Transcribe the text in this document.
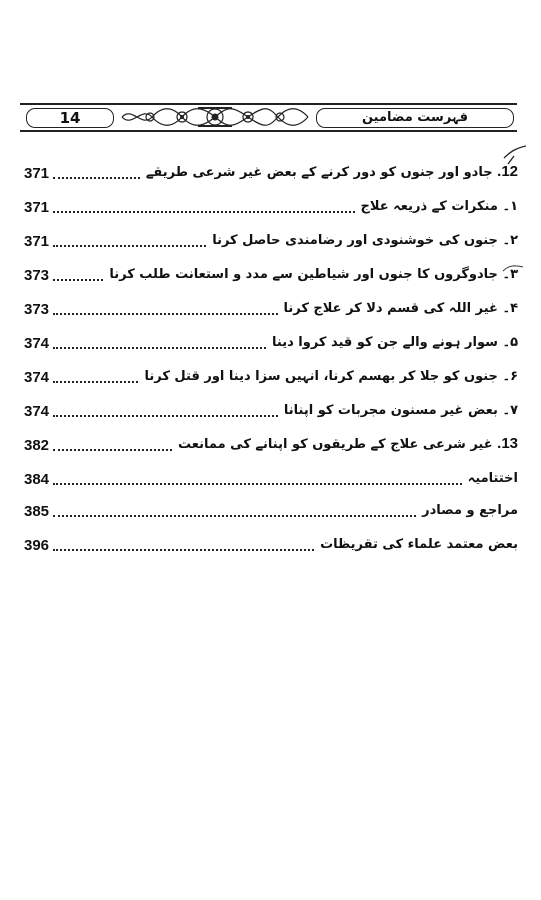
14	فہرست مضامین
371	12. جادو اور جنوں کو دور کرنے کے بعض غیر شرعی طریقے
371	۱۔ منکرات کے ذریعہ علاج
371	۲۔ جنوں کی خوشنودی اور رضامندی حاصل کرنا
373	۳۔ جادوگروں کا جنوں اور شیاطین سے مدد و استعانت طلب کرنا
373	۴۔ غیر اللہ کی قسم دلا کر علاج کرنا
374	۵۔ سوار ہونے والے جن کو قید کروا دینا
374	۶۔ جنوں کو جلا کر بھسم کرنا، انہیں سزا دینا اور قتل کرنا
374	۷۔ بعض غیر مسنون مجربات کو اپنانا
382	13. غیر شرعی علاج کے طریقوں کو اپنانے کی ممانعت
384	اختتامیہ
385	مراجع و مصادر
396	بعض معتمد علماء کی تقریظات
